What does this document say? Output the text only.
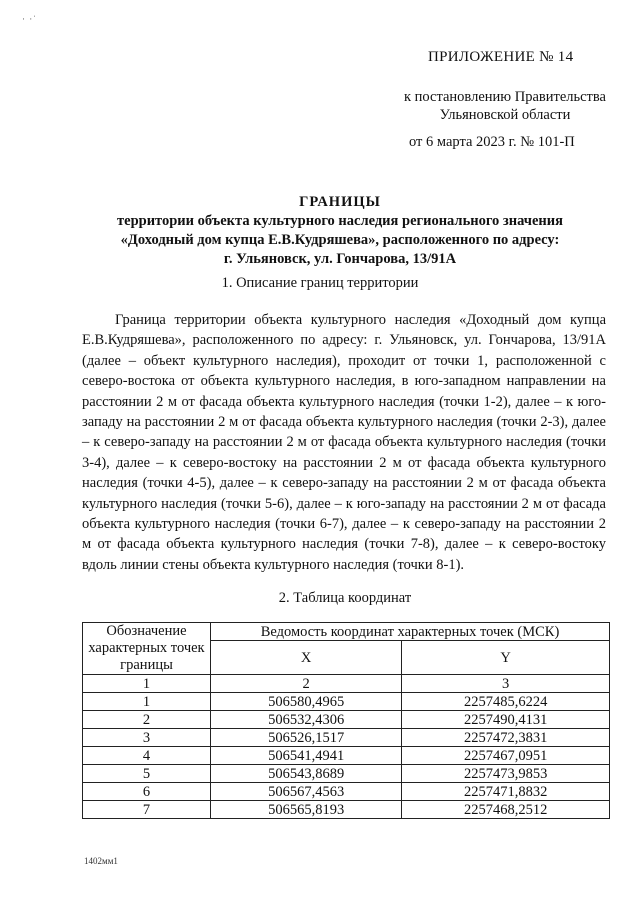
· ·ˈ
ПРИЛОЖЕНИЕ № 14
к постановлению Правительства
Ульяновской области
от 6 марта 2023 г. № 101-П
ГРАНИЦЫ
территории объекта культурного наследия регионального значения
«Доходный дом купца Е.В.Кудряшева», расположенного по адресу:
г. Ульяновск, ул. Гончарова, 13/91А
1. Описание границ территории
Граница территории объекта культурного наследия «Доходный дом купца Е.В.Кудряшева», расположенного по адресу: г. Ульяновск, ул. Гончарова, 13/91А (далее – объект культурного наследия), проходит от точки 1, расположенной с северо-востока от объекта культурного наследия, в юго-западном направлении на расстоянии 2 м от фасада объекта культурного наследия (точки 1-2), далее – к юго-западу на расстоянии 2 м от фасада объекта культурного наследия (точки 2-3), далее – к северо-западу на расстоянии 2 м от фасада объекта культурного наследия (точки 3-4), далее – к северо-востоку на расстоянии 2 м от фасада объекта культурного наследия (точки 4-5), далее – к северо-западу на расстоянии 2 м от фасада объекта культурного наследия (точки 5-6), далее – к юго-западу на расстоянии 2 м от фасада объекта культурного наследия (точки 6-7), далее – к северо-западу на расстоянии 2 м от фасада объекта культурного наследия (точки 7-8), далее – к северо-востоку вдоль линии стены объекта культурного наследия (точки 8-1).
2. Таблица координат
Обозначение характерных точек границы	Ведомость координат характерных точек (МСК)	
	X	Y
1	2	3
1	506580,4965	2257485,6224
2	506532,4306	2257490,4131
3	506526,1517	2257472,3831
4	506541,4941	2257467,0951
5	506543,8689	2257473,9853
6	506567,4563	2257471,8832
7	506565,8193	2257468,2512
1402мм1
